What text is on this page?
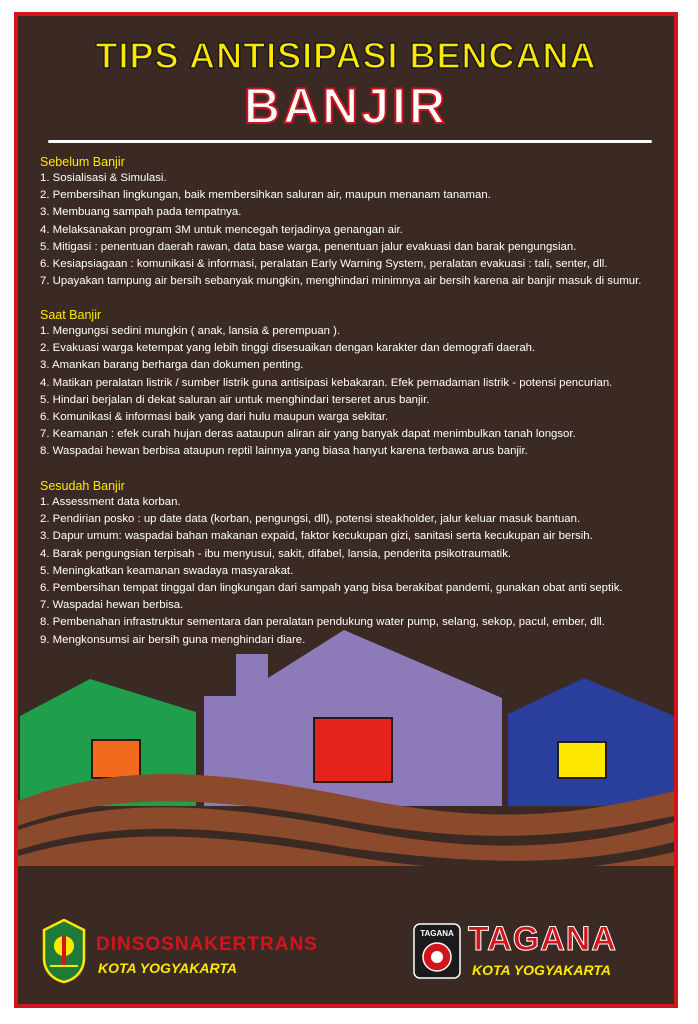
TIPS ANTISIPASI BENCANA
BANJIR
Sebelum Banjir
1. Sosialisasi & Simulasi.
2. Pembersihan lingkungan, baik membersihkan saluran air, maupun menanam tanaman.
3. Membuang sampah pada tempatnya.
4. Melaksanakan program 3M untuk mencegah terjadinya genangan air.
5. Mitigasi : penentuan daerah rawan, data base warga, penentuan jalur evakuasi dan barak pengungsian.
6. Kesiapsiagaan : komunikasi & informasi, peralatan Early Warning System, peralatan evakuasi : tali, senter, dll.
7. Upayakan tampung air bersih sebanyak mungkin, menghindari minimnya air bersih karena air banjir masuk di sumur.
Saat Banjir
1. Mengungsi sedini mungkin ( anak, lansia & perempuan ).
2. Evakuasi warga ketempat yang lebih tinggi disesuaikan dengan karakter dan demografi daerah.
3. Amankan barang berharga dan dokumen penting.
4. Matikan peralatan listrik / sumber listrik guna antisipasi kebakaran. Efek pemadaman listrik - potensi pencurian.
5. Hindari berjalan di dekat saluran air untuk menghindari terseret arus banjir.
6. Komunikasi & informasi baik yang dari hulu maupun warga sekitar.
7. Keamanan : efek curah hujan deras aataupun aliran air yang banyak dapat menimbulkan tanah longsor.
8. Waspadai hewan berbisa ataupun reptil lainnya yang biasa hanyut karena terbawa arus banjir.
Sesudah Banjir
1. Assessment data korban.
2. Pendirian posko : up date data (korban, pengungsi, dll), potensi steakholder, jalur keluar masuk bantuan.
3. Dapur umum: waspadai bahan makanan expaid, faktor kecukupan gizi, sanitasi serta kecukupan air bersih.
4. Barak pengungsian terpisah - ibu menyusui, sakit, difabel, lansia, penderita psikotraumatik.
5. Meningkatkan keamanan swadaya masyarakat.
6. Pembersihan tempat tinggal dan lingkungan dari sampah yang bisa berakibat pandemi, gunakan obat anti septik.
7. Waspadai hewan berbisa.
8. Pembenahan infrastruktur sementara dan peralatan pendukung water pump, selang, sekop, pacul, ember, dll.
9. Mengkonsumsi air bersih guna menghindari diare.
DINSOSNAKERTRANS
KOTA YOGYAKARTA
TAGANA TAGANA
KOTA YOGYAKARTA
